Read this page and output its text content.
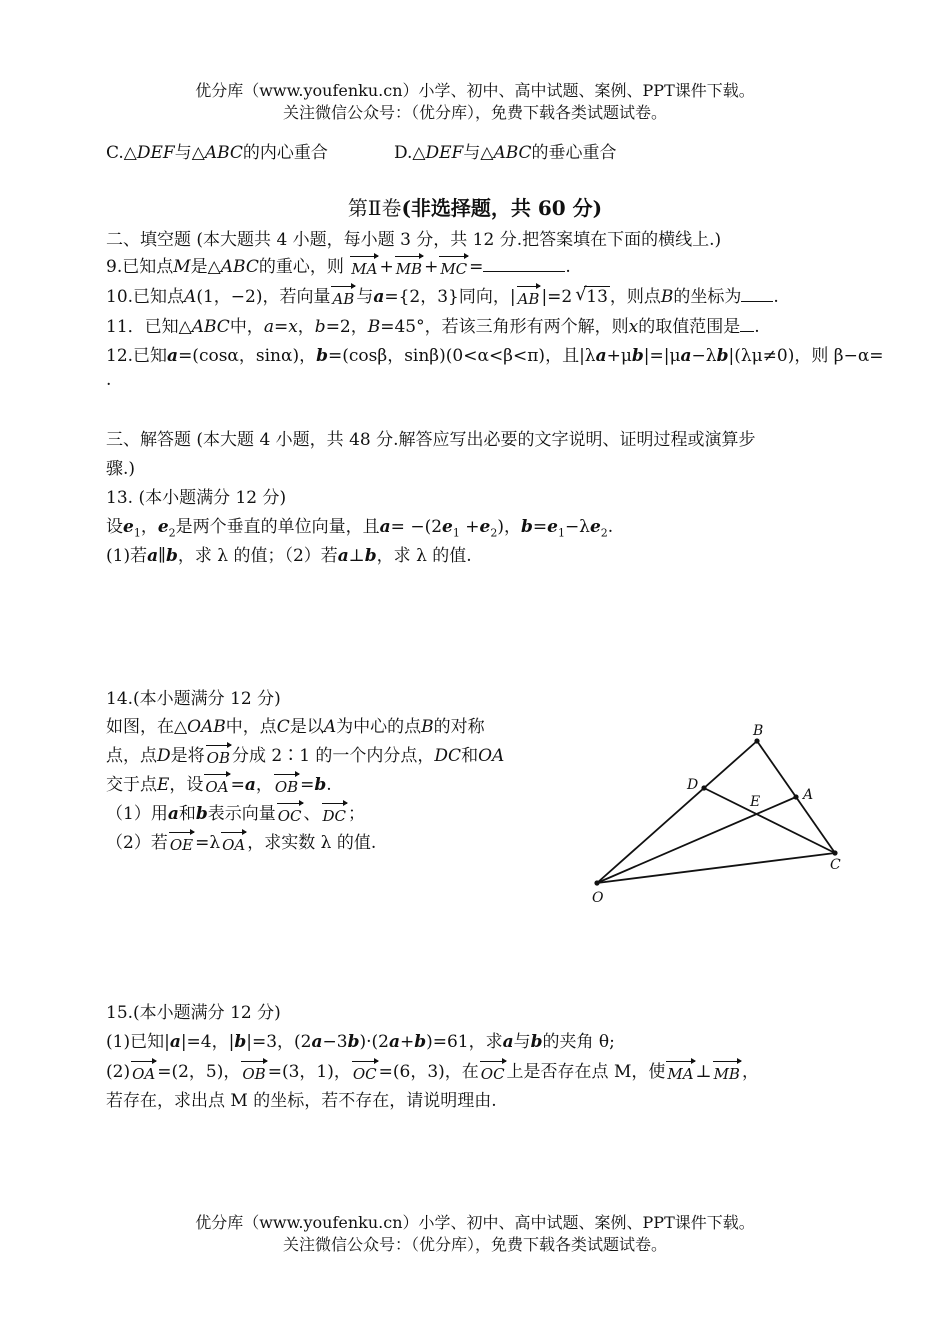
优分库（www.youfenku.cn）小学、初中、高中试题、案例、PPT课件下载。
关注微信公众号：（优分库），免费下载各类试题试卷。
C.△DEF与△ABC的内心重合	D.△DEF与△ABC的垂心重合
第Ⅱ卷(非选择题，共 60 分)
二、填空题 (本大题共 4 小题，每小题 3 分，共 12 分.把答案填在下面的横线上.)
9.已知点M是△ABC的重心，则 MA + MB + MC =	.
10.已知点A(1，−2)，若向量 AB 与a={2，3}同向，| AB |=2√ 13 ，则点B的坐标为 .
11．已知△ABC中，a=x，b=2，B=45°，若该三角形有两个解，则x的取值范围是 .
12.已知a=(cosα，sinα)，b=(cosβ，sinβ)(0<α<β<π)，且|λa+μb|=|μa−λb|(λμ≠0)，则 β−α=
.
三、解答题 (本大题 4 小题，共 48 分.解答应写出必要的文字说明、证明过程或演算步
骤.)
13. (本小题满分 12 分)
设$e_1$，$e_2$是两个垂直的单位向量，且$a= -(2e_1 +e_2)$，$b=e_1-\lambda e_2$.
(1)若a∥b，求 λ 的值；（2）若a⊥b，求 λ 的值.
14.(本小题满分 12 分)
如图，在△OAB中，点C是以A为中心的点B的对称
点，点D是将 OB 分成 2∶1 的一个内分点，DC和OA
交于点E，设 OA =a， OB =b.
（1）用a和b表示向量 OC 、 DC ；
（2）若 OE =λ OA ，求实数 λ 的值.
B
D
E	A
C
O
15.(本小题满分 12 分)
(1)已知|a|=4，|b|=3，(2a−3b)·(2a+b)=61，求a与b的夹角 θ;
(2) OA =(2，5)， OB =(3，1)， OC =(6，3)，在 OC 上是否存在点 M，使 MA ⊥ MB ，
若存在，求出点 M 的坐标，若不存在，请说明理由.
优分库（www.youfenku.cn）小学、初中、高中试题、案例、PPT课件下载。
关注微信公众号：（优分库），免费下载各类试题试卷。
